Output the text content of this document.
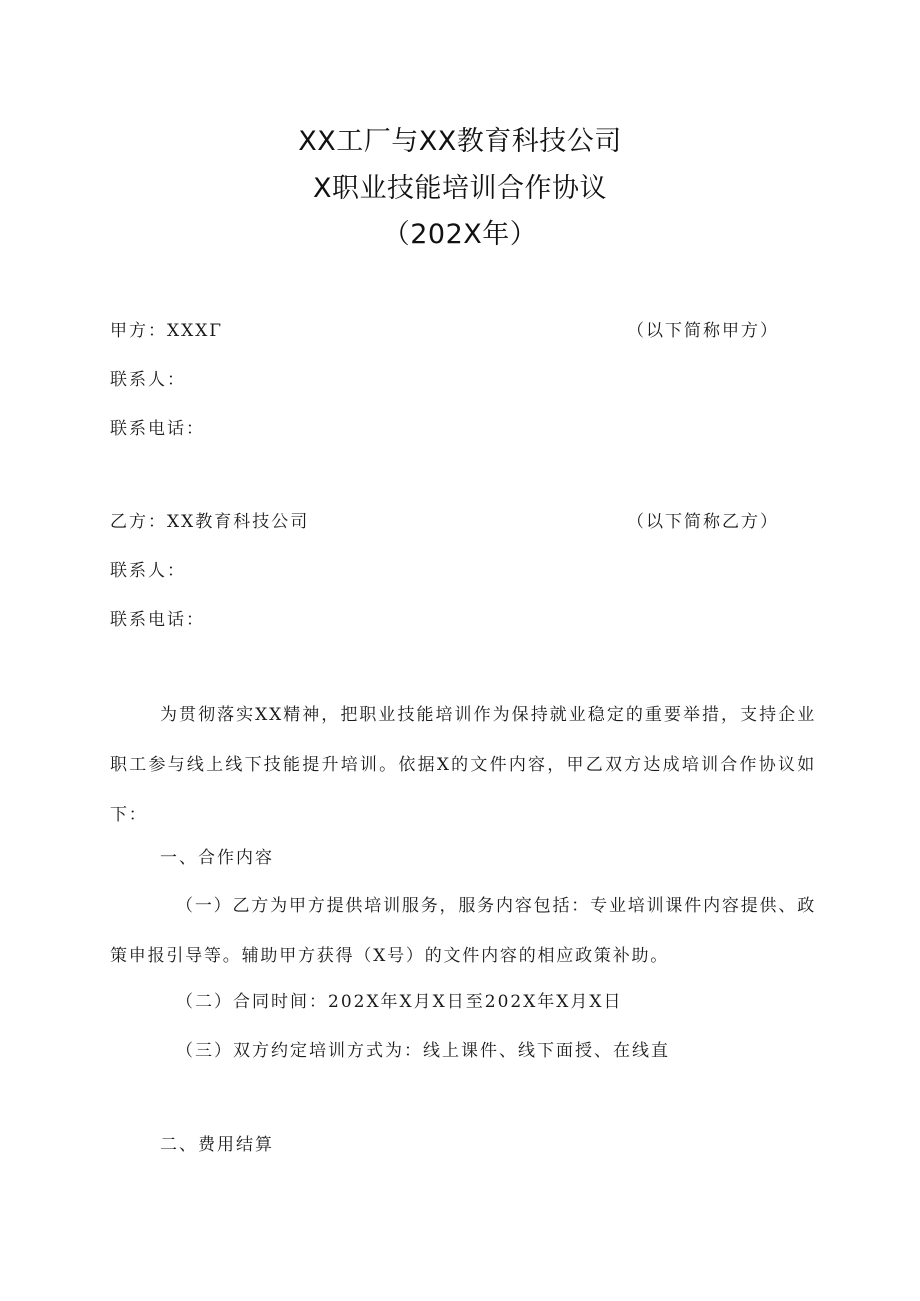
XX工厂与XX教育科技公司
X职业技能培训合作协议
（202X年）
甲方：XXXΓ	（以下简称甲方）
联系人：
联系电话：
乙方：XX教育科技公司	（以下简称乙方）
联系人：
联系电话：
为贯彻落实XX精神，把职业技能培训作为保持就业稳定的重要举措，支持企业职工参与线上线下技能提升培训。依据X的文件内容，甲乙双方达成培训合作协议如下：
一、合作内容
（一）乙方为甲方提供培训服务，服务内容包括：专业培训课件内容提供、政策申报引导等。辅助甲方获得（X号）的文件内容的相应政策补助。
（二）合同时间：202X年X月X日至202X年X月X日
（三）双方约定培训方式为：线上课件、线下面授、在线直
二、费用结算
